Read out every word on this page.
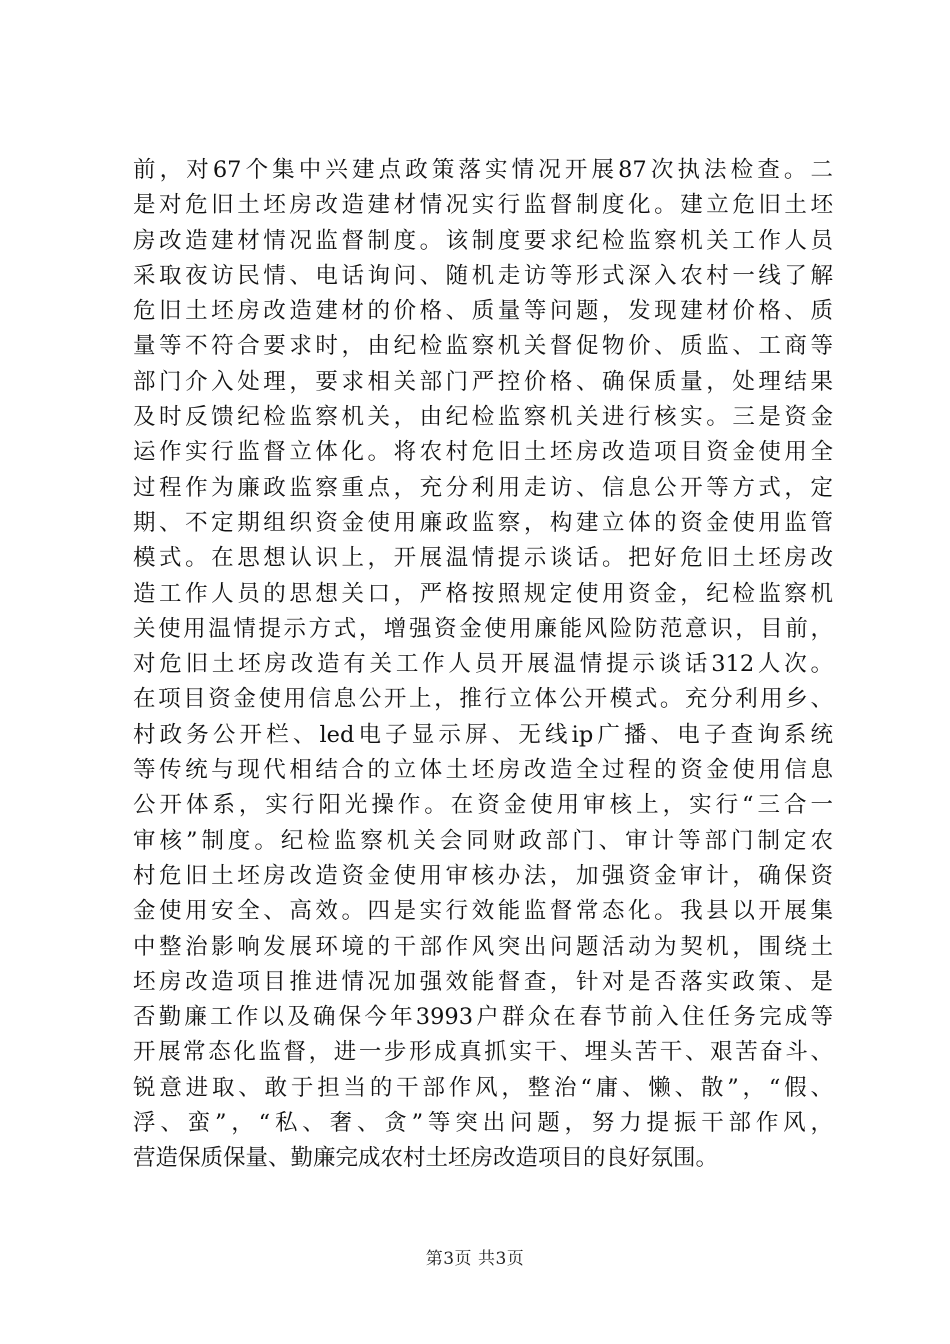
前，对67个集中兴建点政策落实情况开展87次执法检查。二
是对危旧土坯房改造建材情况实行监督制度化。建立危旧土坯
房改造建材情况监督制度。该制度要求纪检监察机关工作人员
采取夜访民情、电话询问、随机走访等形式深入农村一线了解
危旧土坯房改造建材的价格、质量等问题，发现建材价格、质
量等不符合要求时，由纪检监察机关督促物价、质监、工商等
部门介入处理，要求相关部门严控价格、确保质量，处理结果
及时反馈纪检监察机关，由纪检监察机关进行核实。三是资金
运作实行监督立体化。将农村危旧土坯房改造项目资金使用全
过程作为廉政监察重点，充分利用走访、信息公开等方式，定
期、不定期组织资金使用廉政监察，构建立体的资金使用监管
模式。在思想认识上，开展温情提示谈话。把好危旧土坯房改
造工作人员的思想关口，严格按照规定使用资金，纪检监察机
关使用温情提示方式，增强资金使用廉能风险防范意识，目前，
对危旧土坯房改造有关工作人员开展温情提示谈话312人次。
在项目资金使用信息公开上，推行立体公开模式。充分利用乡、
村政务公开栏、led电子显示屏、无线ip广播、电子查询系统
等传统与现代相结合的立体土坯房改造全过程的资金使用信息
公开体系，实行阳光操作。在资金使用审核上，实行“三合一
审核”制度。纪检监察机关会同财政部门、审计等部门制定农
村危旧土坯房改造资金使用审核办法，加强资金审计，确保资
金使用安全、高效。四是实行效能监督常态化。我县以开展集
中整治影响发展环境的干部作风突出问题活动为契机，围绕土
坯房改造项目推进情况加强效能督查，针对是否落实政策、是
否勤廉工作以及确保今年3993户群众在春节前入住任务完成等
开展常态化监督，进一步形成真抓实干、埋头苦干、艰苦奋斗、
锐意进取、敢于担当的干部作风，整治“庸、懒、散”，“假、
浮、蛮”，“私、奢、贪”等突出问题，努力提振干部作风，
营造保质保量、勤廉完成农村土坯房改造项目的良好氛围。
第3页 共3页
